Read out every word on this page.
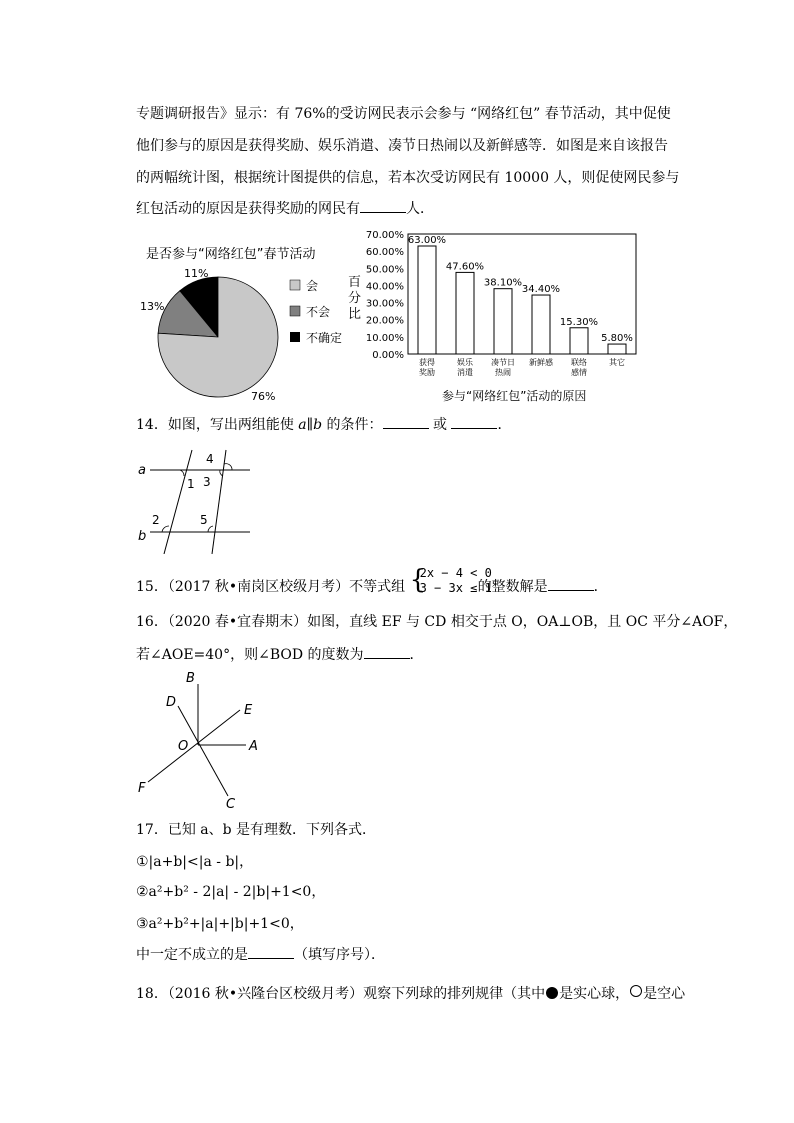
专题调研报告》显示：有 76%的受访网民表示会参与 “网络红包” 春节活动，其中促使
他们参与的原因是获得奖励、娱乐消遣、凑节日热闹以及新鲜感等．如图是来自该报告
的两幅统计图，根据统计图提供的信息，若本次受访网民有 10000 人，则促使网民参与
红包活动的原因是获得奖励的网民有	人．
是否参与“网络红包”春节活动
76%
13%
11%
会
不会
不确定
百
分
比
0.00%
10.00%
20.00%
30.00%
40.00%
50.00%
60.00%
70.00% 63.00%
获得
奖励
47.60%
娱乐
消遣
38.10%
凑节日
热闹
34.40%
新鲜感
15.30%
联络
感情
5.80%
其它
参与“网络红包”活动的原因
14．如图，写出两组能使 a∥b 的条件：	或	．
a
b
1 3
4
2	5
15．（2017 秋•南岗区校级月考）不等式组 {
2x − 4 < 0
3 − 3x ≤ 1
的整数解是	．
16．（2020 春•宜春期末）如图，直线 EF 与 CD 相交于点 O，OA⊥OB，且 OC 平分∠AOF，
若∠AOE=40°，则∠BOD 的度数为	．
B
D
E
O	A
F
C
17．已知 a、b 是有理数．下列各式．
①|a+b|<|a - b|，
②a²+b² - 2|a| - 2|b|+1<0，
③a²+b²+|a|+|b|+1<0，
中一定不成立的是	（填写序号）．
18．（2016 秋•兴隆台区校级月考）观察下列球的排列规律（其中 是实心球， 是空心
